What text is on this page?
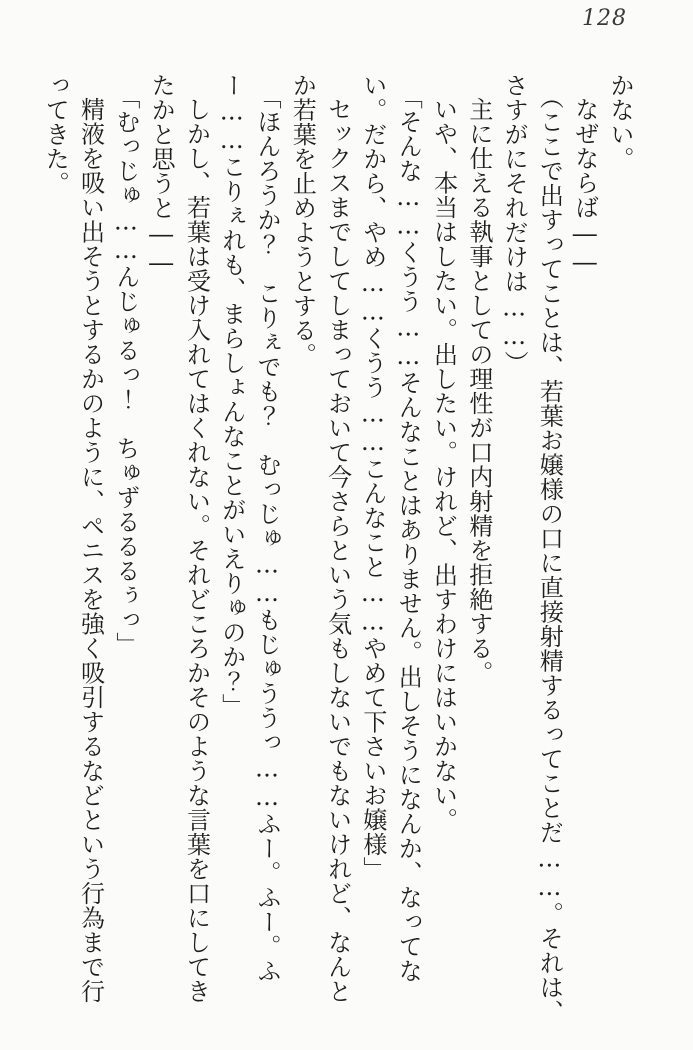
128

かない。

なぜならば――

（ここで出すってことは、若葉お嬢様の口に直接射精するってことだ……。それは、さすがにそれだけは……）

主に仕える執事としての理性が口内射精を拒絶する。

いや、本当はしたい。出したい。けれど、出すわけにはいかない。

「そんな……くうう……そんなことはありません。出しそうになんか、なってない。だから、やめ……くうう……こんなこと……やめて下さいお嬢様」

セックスまでしてしまっておいて今さらという気もしないでもないけれど、なんとか若葉を止めようとする。

「ほんろうか？　こりぇでも？　むっじゅ……もじゅううっ……ふー。ふー。ふー……こりぇれも、まらしょんなことがいえりゅのか？」

しかし、若葉は受け入れてはくれない。それどころかそのような言葉を口にしてきたかと思うと――

「むっじゅ……んじゅるっ！　ちゅずるるるぅっ」

精液を吸い出そうとするかのように、ペニスを強く吸引するなどという行為まで行ってきた。
